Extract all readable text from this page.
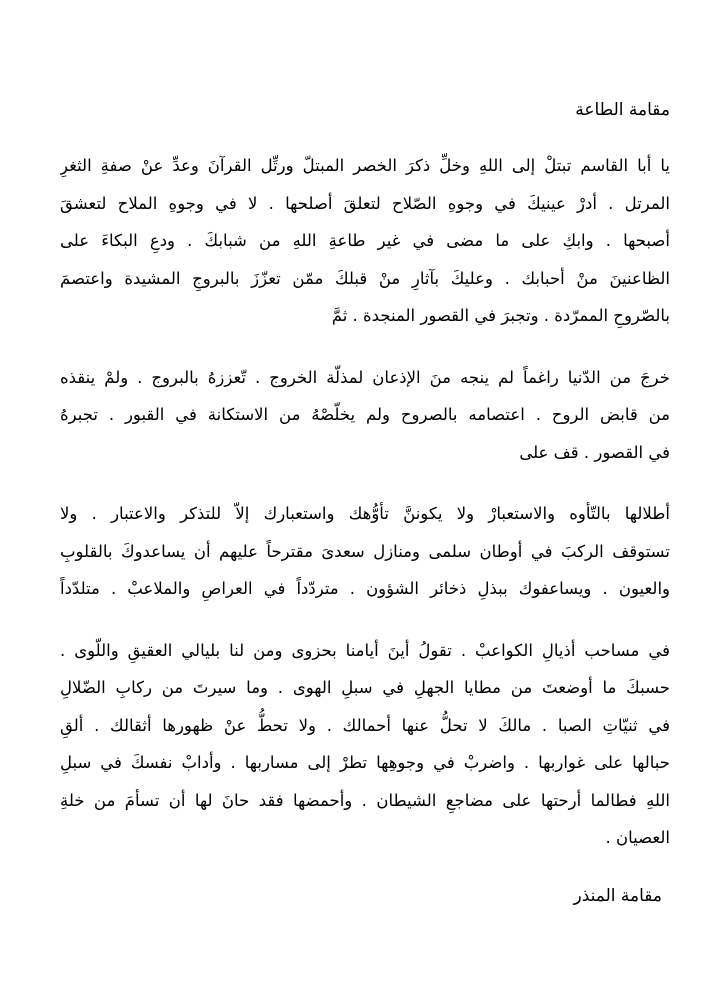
مقامة الطاعة
يا أبا القاسم تبتلْ إلى اللهِ وخلِّ ذكرَ الخصر المبتلّ ورتِّل القرآنَ وعدِّ عنْ صفةِ الثغرِ
المرتل . أدرْ عينيكَ في وجوهِ الصّلاح لتعلقَ أصلحها . لا في وجوهِ الملاح لتعشقَ
أصبحها . وابكِ على ما مضى في غير طاعةِ اللهِ من شبابكَ . ودعِ البكاءَ على
الظاعنينَ منْ أحبابك . وعليكَ بآثارِ منْ قبلكَ ممّن تعزّزَ بالبروجِ المشيدة واعتصمَ
بالصّروحِ الممرّدة . وتجبرَ في القصور المنجدة . ثمَّ
خرجَ من الدّنيا راغماً لم ينجه منَ الإذعان لمذلّة الخروج . تّعززهُ بالبروج . ولمْ ينقذه
من قابض الروح . اعتصامه بالصروح ولم يخلّصْهُ من الاستكانة في القبور . تجبرهُ
في القصور . قف على
أطلالها بالتّأوه والاستعبارْ ولا يكوننَّ تأوُّهك واستعبارك إلاّ للتذكر والاعتبار . ولا
تستوقف الركبَ في أوطان سلمى ومنازل سعدىَ مقترحاً عليهم أن يساعدوكَ بالقلوبِ
والعيون . ويساعفوك ببذلِ ذخائر الشؤون . متردّداً في العراصِ والملاعبْ . متلدّداً
في مساحب أذيالِ الكواعبْ . تقولُ أينَ أيامنا بحزوى ومن لنا بليالي العقيقِ واللّوى .
حسبكَ ما أوضعتَ من مطايا الجهلِ في سبلِ الهوى . وما سيرتَ من ركابِ الضّلالِ
في ثنيّاتِ الصبا . مالكَ لا تحلُّ عنها أحمالك . ولا تحطُّ عنْ ظهورها أثقالك . ألقِ
حبالها على غواربها . واضربْ في وجوهِها تطرْ إلى مساربها . وأدابْ نفسكَ في سبلِ
اللهِ فطالما أرحتها على مضاجعِ الشيطان . وأحمضها فقد حانَ لها أن تسأمَ من خلةِ
العصيان .
مقامة المنذر
